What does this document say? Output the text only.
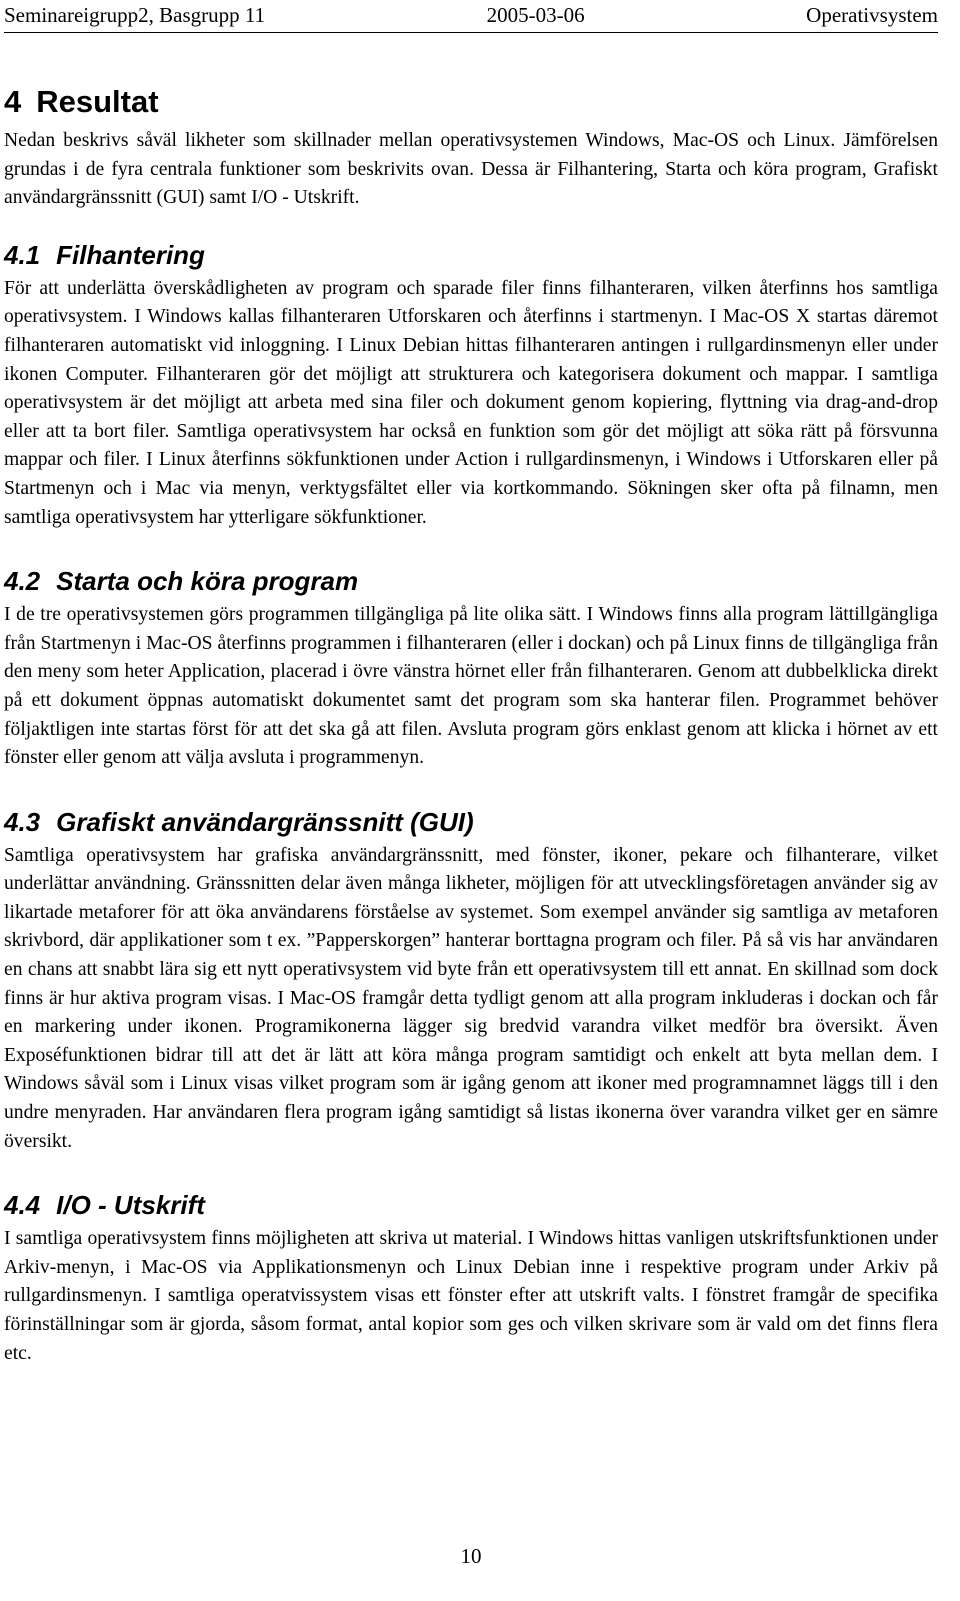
Seminareigrupp2, Basgrupp 11	2005-03-06	Operativsystem
4 Resultat

Nedan beskrivs såväl likheter som skillnader mellan operativsystemen Windows, Mac-OS och Linux. Jämförelsen grundas i de fyra centrala funktioner som beskrivits ovan. Dessa är Filhantering, Starta och köra program, Grafiskt användargränssnitt (GUI) samt I/O - Utskrift.

4.1 Filhantering

För att underlätta överskådligheten av program och sparade filer finns filhanteraren, vilken återfinns hos samtliga operativsystem. I Windows kallas filhanteraren Utforskaren och återfinns i startmenyn. I Mac-OS X startas däremot filhanteraren automatiskt vid inloggning. I Linux Debian hittas filhanteraren antingen i rullgardinsmenyn eller under ikonen Computer. Filhanteraren gör det möjligt att strukturera och kategorisera dokument och mappar. I samtliga operativsystem är det möjligt att arbeta med sina filer och dokument genom kopiering, flyttning via drag-and-drop eller att ta bort filer. Samtliga operativsystem har också en funktion som gör det möjligt att söka rätt på försvunna mappar och filer. I Linux återfinns sökfunktionen under Action i rullgardinsmenyn, i Windows i Utforskaren eller på Startmenyn och i Mac via menyn, verktygsfältet eller via kortkommando. Sökningen sker ofta på filnamn, men samtliga operativsystem har ytterligare sökfunktioner.

4.2 Starta och köra program

I de tre operativsystemen görs programmen tillgängliga på lite olika sätt. I Windows finns alla program lättillgängliga från Startmenyn i Mac-OS återfinns programmen i filhanteraren (eller i dockan) och på Linux finns de tillgängliga från den meny som heter Application, placerad i övre vänstra hörnet eller från filhanteraren. Genom att dubbelklicka direkt på ett dokument öppnas automatiskt dokumentet samt det program som ska hanterar filen. Programmet behöver följaktligen inte startas först för att det ska gå att filen. Avsluta program görs enklast genom att klicka i hörnet av ett fönster eller genom att välja avsluta i programmenyn.

4.3 Grafiskt användargränssnitt (GUI)

Samtliga operativsystem har grafiska användargränssnitt, med fönster, ikoner, pekare och filhanterare, vilket underlättar användning. Gränssnitten delar även många likheter, möjligen för att utvecklingsföretagen använder sig av likartade metaforer för att öka användarens förståelse av systemet. Som exempel använder sig samtliga av metaforen skrivbord, där applikationer som t ex. ”Papperskorgen” hanterar borttagna program och filer. På så vis har användaren en chans att snabbt lära sig ett nytt operativsystem vid byte från ett operativsystem till ett annat. En skillnad som dock finns är hur aktiva program visas. I Mac-OS framgår detta tydligt genom att alla program inkluderas i dockan och får en markering under ikonen. Programikonerna lägger sig bredvid varandra vilket medför bra översikt. Även Exposéfunktionen bidrar till att det är lätt att köra många program samtidigt och enkelt att byta mellan dem. I Windows såväl som i Linux visas vilket program som är igång genom att ikoner med programnamnet läggs till i den undre menyraden. Har användaren flera program igång samtidigt så listas ikonerna över varandra vilket ger en sämre översikt.

4.4 I/O - Utskrift

I samtliga operativsystem finns möjligheten att skriva ut material. I Windows hittas vanligen utskriftsfunktionen under Arkiv-menyn, i Mac-OS via Applikationsmenyn och Linux Debian inne i respektive program under Arkiv på rullgardinsmenyn. I samtliga operatvissystem visas ett fönster efter att utskrift valts. I fönstret framgår de specifika förinställningar som är gjorda, såsom format, antal kopior som ges och vilken skrivare som är vald om det finns flera etc.

10
